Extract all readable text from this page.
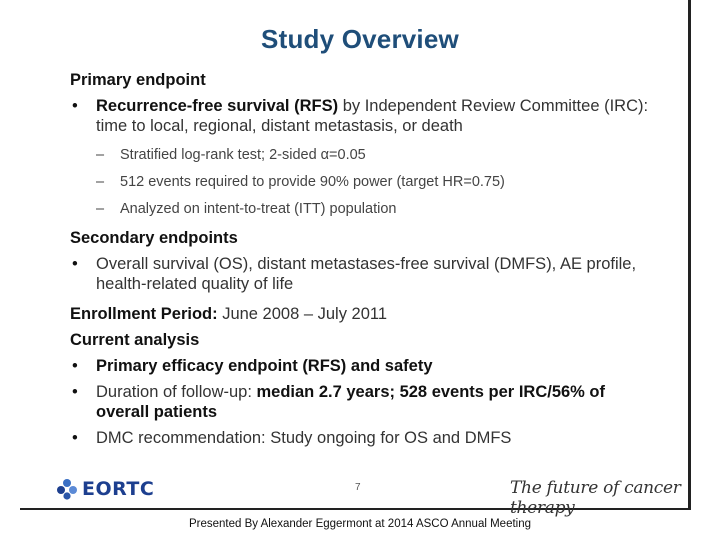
Study Overview
Primary endpoint
• Recurrence-free survival (RFS) by Independent Review Committee (IRC):
time to local, regional, distant metastasis, or death
– Stratified log-rank test; 2-sided α=0.05
– 512 events required to provide 90% power (target HR=0.75)
– Analyzed on intent-to-treat (ITT) population
Secondary endpoints
• Overall survival (OS), distant metastases-free survival (DMFS), AE profile,
health-related quality of life
Enrollment Period: June 2008 – July 2011
Current analysis
• Primary efficacy endpoint (RFS) and safety
• Duration of follow-up: median 2.7 years; 528 events per IRC/56% of
overall patients
• DMC recommendation: Study ongoing for OS and DMFS
EORTC	7	The future of cancer therapy
Presented By Alexander Eggermont at 2014 ASCO Annual Meeting
